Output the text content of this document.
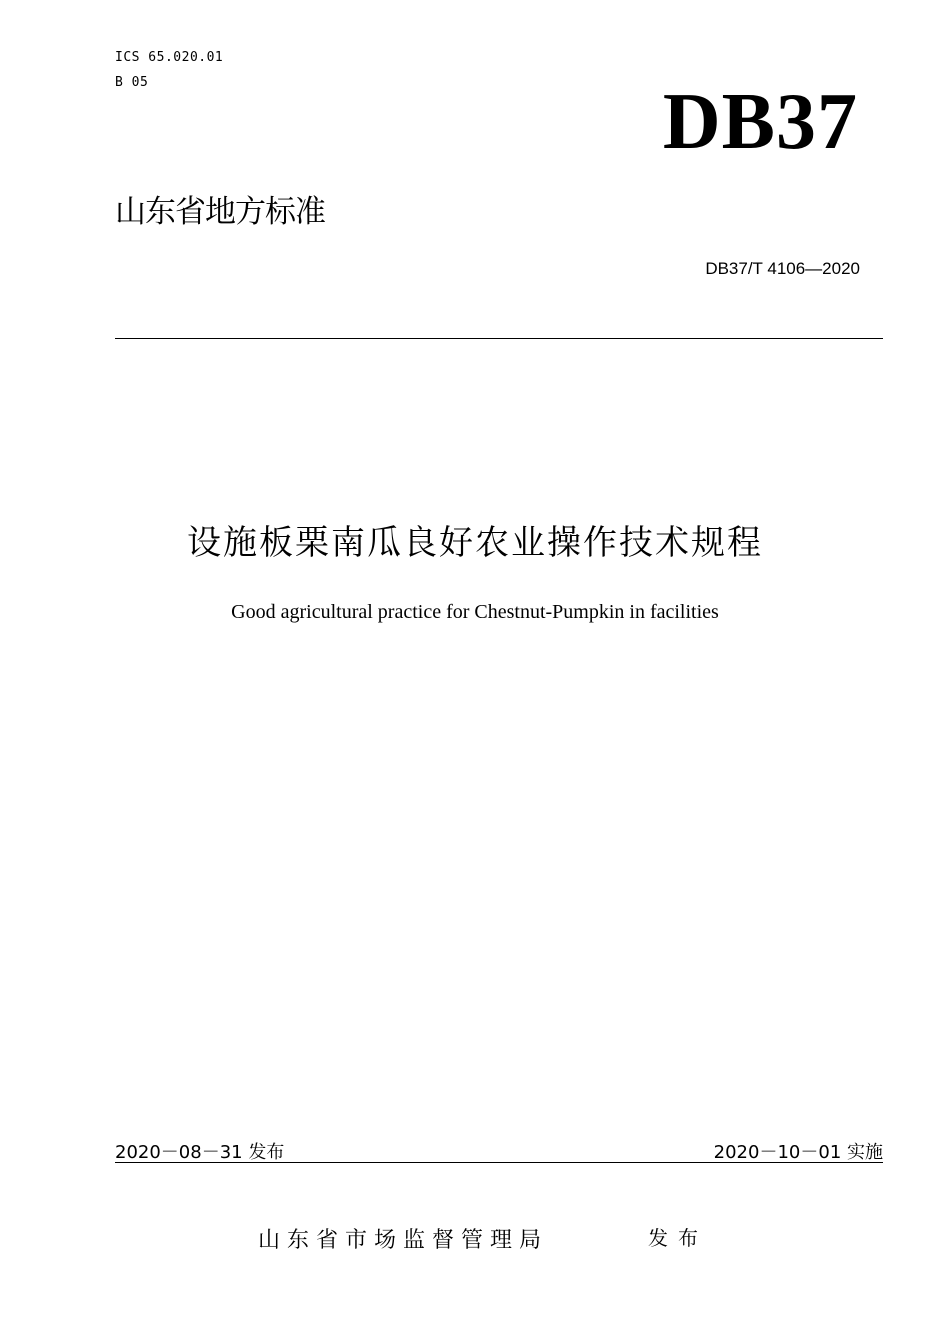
ICS 65.020.01
B 05	DB37
山东省地方标准
DB37/T 4106—2020
设施板栗南瓜良好农业操作技术规程
Good agricultural practice for Chestnut-Pumpkin in facilities
2020－08－31 发布	2020－10－01 实施
山东省市场监督管理局	发布
